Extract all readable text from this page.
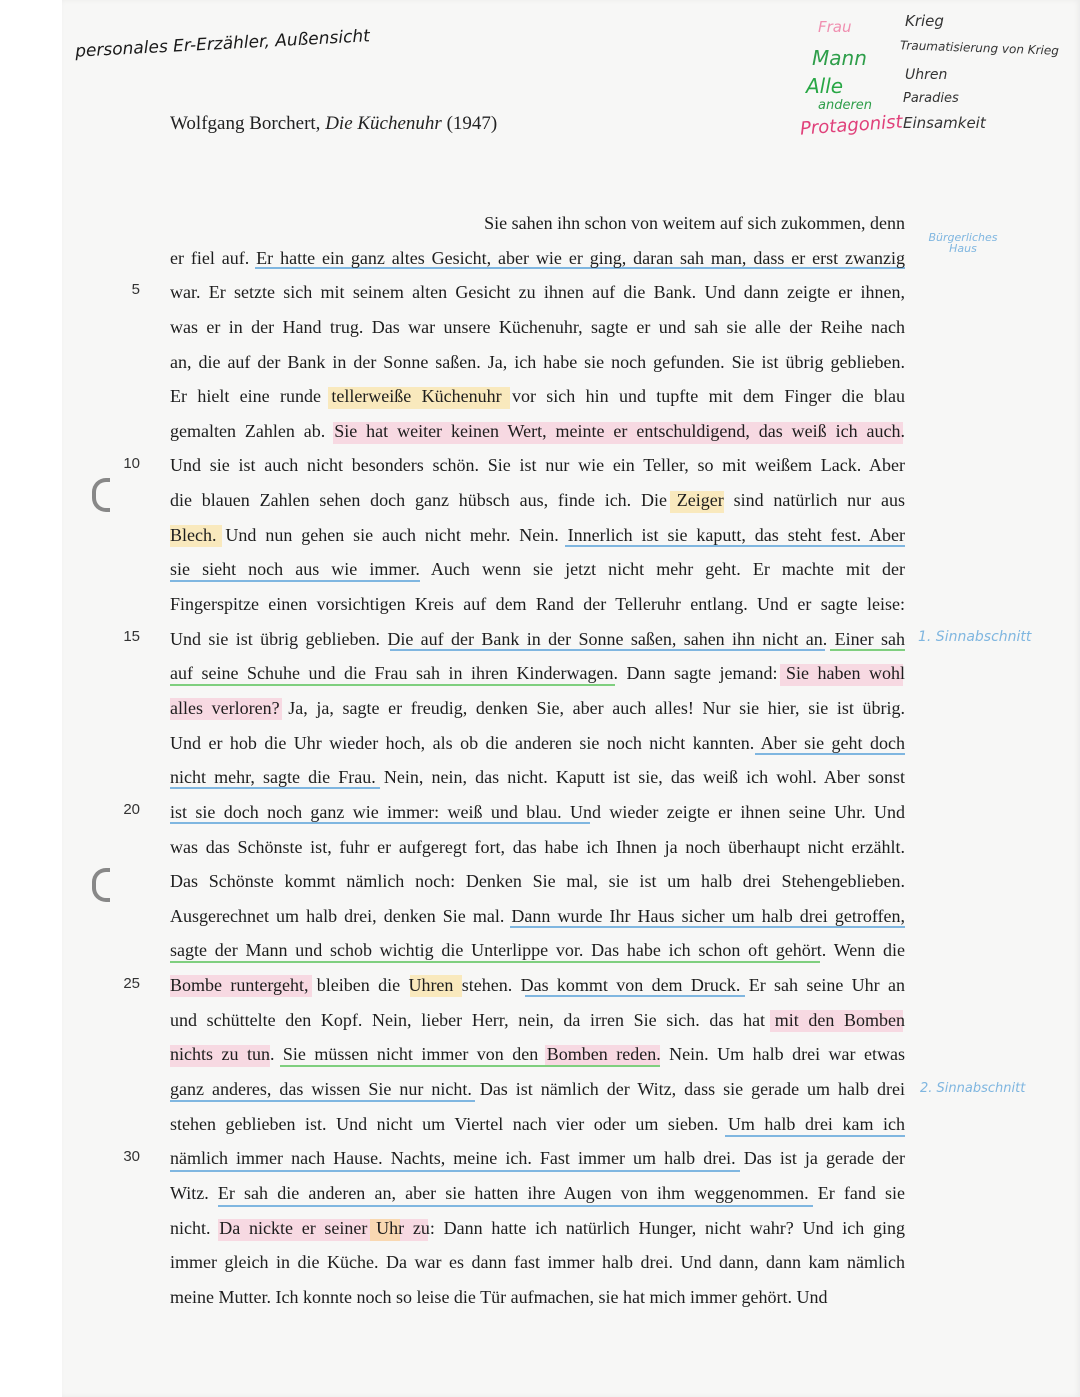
personales Er-Erzähler, Außensicht	Frau
Mann
Alle
anderen
Protagonist
Krieg
Traumatisierung von Krieg
Uhren
Paradies
Einsamkeit
Bürgerliches Haus
1. Sinnabschnitt
2. Sinnabschnitt
Wolfgang Borchert, Die Küchenuhr (1947)
5
10
15
20
25
30
Sie sahen ihn schon von weitem auf sich zukommen, denn
er fiel auf. Er hatte ein ganz altes Gesicht, aber wie er ging, daran sah man, dass er erst zwanzig
war. Er setzte sich mit seinem alten Gesicht zu ihnen auf die Bank. Und dann zeigte er ihnen,
was er in der Hand trug. Das war unsere Küchenuhr, sagte er und sah sie alle der Reihe nach
an, die auf der Bank in der Sonne saßen. Ja, ich habe sie noch gefunden. Sie ist übrig geblieben.
Er hielt eine runde tellerweiße Küchenuhr vor sich hin und tupfte mit dem Finger die blau
gemalten Zahlen ab. Sie hat weiter keinen Wert, meinte er entschuldigend, das weiß ich auch.
Und sie ist auch nicht besonders schön. Sie ist nur wie ein Teller, so mit weißem Lack. Aber
die blauen Zahlen sehen doch ganz hübsch aus, finde ich. Die Zeiger sind natürlich nur aus
Blech. Und nun gehen sie auch nicht mehr. Nein. Innerlich ist sie kaputt, das steht fest. Aber
sie sieht noch aus wie immer. Auch wenn sie jetzt nicht mehr geht. Er machte mit der
Fingerspitze einen vorsichtigen Kreis auf dem Rand der Telleruhr entlang. Und er sagte leise:
Und sie ist übrig geblieben. Die auf der Bank in der Sonne saßen, sahen ihn nicht an. Einer sah
auf seine Schuhe und die Frau sah in ihren Kinderwagen. Dann sagte jemand: Sie haben wohl
alles verloren? Ja, ja, sagte er freudig, denken Sie, aber auch alles! Nur sie hier, sie ist übrig.
Und er hob die Uhr wieder hoch, als ob die anderen sie noch nicht kannten. Aber sie geht doch
nicht mehr, sagte die Frau. Nein, nein, das nicht. Kaputt ist sie, das weiß ich wohl. Aber sonst
ist sie doch noch ganz wie immer: weiß und blau. Und wieder zeigte er ihnen seine Uhr. Und
was das Schönste ist, fuhr er aufgeregt fort, das habe ich Ihnen ja noch überhaupt nicht erzählt.
Das Schönste kommt nämlich noch: Denken Sie mal, sie ist um halb drei Stehengeblieben.
Ausgerechnet um halb drei, denken Sie mal. Dann wurde Ihr Haus sicher um halb drei getroffen,
sagte der Mann und schob wichtig die Unterlippe vor. Das habe ich schon oft gehört. Wenn die
Bombe runtergeht, bleiben die Uhren stehen. Das kommt von dem Druck. Er sah seine Uhr an
und schüttelte den Kopf. Nein, lieber Herr, nein, da irren Sie sich. das hat mit den Bomben
nichts zu tun. Sie müssen nicht immer von den Bomben reden. Nein. Um halb drei war etwas
ganz anderes, das wissen Sie nur nicht. Das ist nämlich der Witz, dass sie gerade um halb drei
stehen geblieben ist. Und nicht um Viertel nach vier oder um sieben. Um halb drei kam ich
nämlich immer nach Hause. Nachts, meine ich. Fast immer um halb drei. Das ist ja gerade der
Witz. Er sah die anderen an, aber sie hatten ihre Augen von ihm weggenommen. Er fand sie
nicht. Da nickte er seiner Uhr zu: Dann hatte ich natürlich Hunger, nicht wahr? Und ich ging
immer gleich in die Küche. Da war es dann fast immer halb drei. Und dann, dann kam nämlich
meine Mutter. Ich konnte noch so leise die Tür aufmachen, sie hat mich immer gehört. Und
